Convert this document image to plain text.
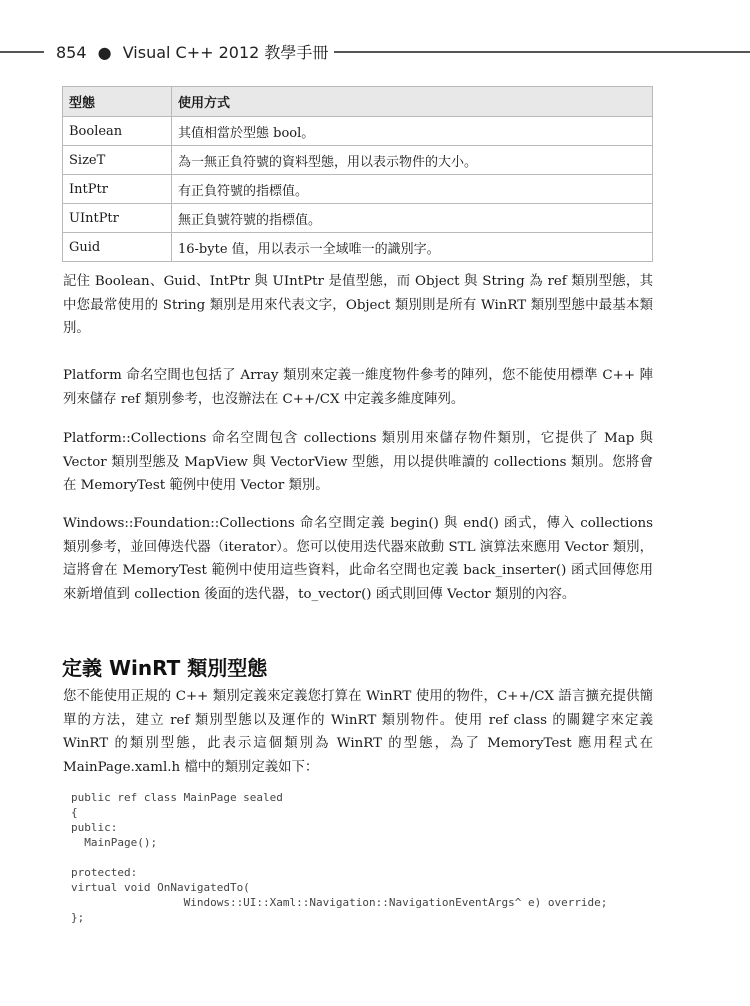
854 ● Visual C++ 2012 教學手冊
型態	使用方式
Boolean	其值相當於型態 bool。
SizeT	為一無正負符號的資料型態，用以表示物件的大小。
IntPtr	有正負符號的指標值。
UIntPtr	無正負號符號的指標值。
Guid	16-byte 值，用以表示一全域唯一的識別字。

記住 Boolean、Guid、IntPtr 與 UIntPtr 是值型態，而 Object 與 String 為 ref 類別型態，其中您最常使用的 String 類別是用來代表文字，Object 類別則是所有 WinRT 類別型態中最基本類別。

Platform 命名空間也包括了 Array 類別來定義一維度物件參考的陣列，您不能使用標準 C++ 陣列來儲存 ref 類別參考，也沒辦法在 C++/CX 中定義多維度陣列。

Platform::Collections 命名空間包含 collections 類別用來儲存物件類別，它提供了 Map 與 Vector 類別型態及 MapView 與 VectorView 型態，用以提供唯讀的 collections 類別。您將會在 MemoryTest 範例中使用 Vector 類別。

Windows::Foundation::Collections 命名空間定義 begin() 與 end() 函式，傳入 collections 類別參考，並回傳迭代器（iterator）。您可以使用迭代器來啟動 STL 演算法來應用 Vector 類別，這將會在 MemoryTest 範例中使用這些資料，此命名空間也定義 back_inserter() 函式回傳您用來新增值到 collection 後面的迭代器，to_vector() 函式則回傳 Vector 類別的內容。

定義 WinRT 類別型態

您不能使用正規的 C++ 類別定義來定義您打算在 WinRT 使用的物件，C++/CX 語言擴充提供簡單的方法，建立 ref 類別型態以及運作的 WinRT 類別物件。使用 ref class 的關鍵字來定義 WinRT 的類別型態，此表示這個類別為 WinRT 的型態，為了 MemoryTest 應用程式在 MainPage.xaml.h 檔中的類別定義如下：

public ref class MainPage sealed
{
public:
MainPage();

protected:
virtual void OnNavigatedTo(
Windows::UI::Xaml::Navigation::NavigationEventArgs^ e) override;
};
